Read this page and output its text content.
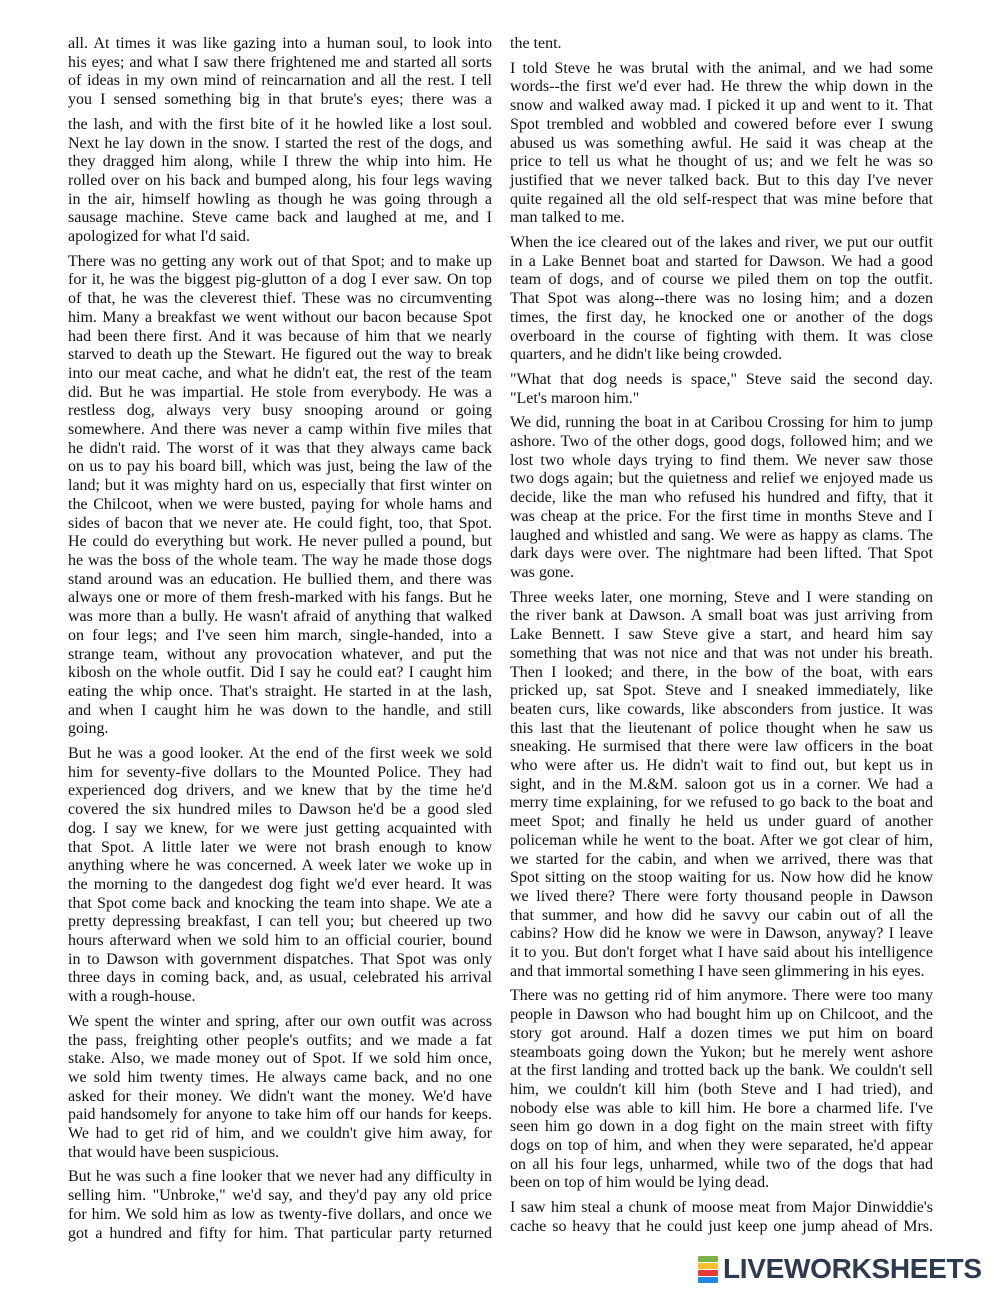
all. At times it was like gazing into a human soul, to look into
his eyes; and what I saw there frightened me and started all sorts
of ideas in my own mind of reincarnation and all the rest. I tell
you I sensed something big in that brute's eyes; there was a
the lash, and with the first bite of it he howled like a lost soul.
Next he lay down in the snow. I started the rest of the dogs, and
they dragged him along, while I threw the whip into him. He
rolled over on his back and bumped along, his four legs waving
in the air, himself howling as though he was going through a
sausage machine. Steve came back and laughed at me, and I
apologized for what I'd said.
There was no getting any work out of that Spot; and to make up
for it, he was the biggest pig-glutton of a dog I ever saw. On top
of that, he was the cleverest thief. These was no circumventing
him. Many a breakfast we went without our bacon because Spot
had been there first. And it was because of him that we nearly
starved to death up the Stewart. He figured out the way to break
into our meat cache, and what he didn't eat, the rest of the team
did. But he was impartial. He stole from everybody. He was a
restless dog, always very busy snooping around or going
somewhere. And there was never a camp within five miles that
he didn't raid. The worst of it was that they always came back
on us to pay his board bill, which was just, being the law of the
land; but it was mighty hard on us, especially that first winter on
the Chilcoot, when we were busted, paying for whole hams and
sides of bacon that we never ate. He could fight, too, that Spot.
He could do everything but work. He never pulled a pound, but
he was the boss of the whole team. The way he made those dogs
stand around was an education. He bullied them, and there was
always one or more of them fresh-marked with his fangs. But he
was more than a bully. He wasn't afraid of anything that walked
on four legs; and I've seen him march, single-handed, into a
strange team, without any provocation whatever, and put the
kibosh on the whole outfit. Did I say he could eat? I caught him
eating the whip once. That's straight. He started in at the lash,
and when I caught him he was down to the handle, and still
going.
But he was a good looker. At the end of the first week we sold
him for seventy-five dollars to the Mounted Police. They had
experienced dog drivers, and we knew that by the time he'd
covered the six hundred miles to Dawson he'd be a good sled
dog. I say we knew, for we were just getting acquainted with
that Spot. A little later we were not brash enough to know
anything where he was concerned. A week later we woke up in
the morning to the dangedest dog fight we'd ever heard. It was
that Spot come back and knocking the team into shape. We ate a
pretty depressing breakfast, I can tell you; but cheered up two
hours afterward when we sold him to an official courier, bound
in to Dawson with government dispatches. That Spot was only
three days in coming back, and, as usual, celebrated his arrival
with a rough-house.
We spent the winter and spring, after our own outfit was across
the pass, freighting other people's outfits; and we made a fat
stake. Also, we made money out of Spot. If we sold him once,
we sold him twenty times. He always came back, and no one
asked for their money. We didn't want the money. We'd have
paid handsomely for anyone to take him off our hands for keeps.
We had to get rid of him, and we couldn't give him away, for
that would have been suspicious.
But he was such a fine looker that we never had any difficulty in
selling him. "Unbroke," we'd say, and they'd pay any old price
for him. We sold him as low as twenty-five dollars, and once we
got a hundred and fifty for him. That particular party returned
the tent.
I told Steve he was brutal with the animal, and we had some
words--the first we'd ever had. He threw the whip down in the
snow and walked away mad. I picked it up and went to it. That
Spot trembled and wobbled and cowered before ever I swung
abused us was something awful. He said it was cheap at the
price to tell us what he thought of us; and we felt he was so
justified that we never talked back. But to this day I've never
quite regained all the old self-respect that was mine before that
man talked to me.
When the ice cleared out of the lakes and river, we put our outfit
in a Lake Bennet boat and started for Dawson. We had a good
team of dogs, and of course we piled them on top the outfit.
That Spot was along--there was no losing him; and a dozen
times, the first day, he knocked one or another of the dogs
overboard in the course of fighting with them. It was close
quarters, and he didn't like being crowded.
"What that dog needs is space," Steve said the second day.
"Let's maroon him."
We did, running the boat in at Caribou Crossing for him to jump
ashore. Two of the other dogs, good dogs, followed him; and we
lost two whole days trying to find them. We never saw those
two dogs again; but the quietness and relief we enjoyed made us
decide, like the man who refused his hundred and fifty, that it
was cheap at the price. For the first time in months Steve and I
laughed and whistled and sang. We were as happy as clams. The
dark days were over. The nightmare had been lifted. That Spot
was gone.
Three weeks later, one morning, Steve and I were standing on
the river bank at Dawson. A small boat was just arriving from
Lake Bennett. I saw Steve give a start, and heard him say
something that was not nice and that was not under his breath.
Then I looked; and there, in the bow of the boat, with ears
pricked up, sat Spot. Steve and I sneaked immediately, like
beaten curs, like cowards, like absconders from justice. It was
this last that the lieutenant of police thought when he saw us
sneaking. He surmised that there were law officers in the boat
who were after us. He didn't wait to find out, but kept us in
sight, and in the M.&M. saloon got us in a corner. We had a
merry time explaining, for we refused to go back to the boat and
meet Spot; and finally he held us under guard of another
policeman while he went to the boat. After we got clear of him,
we started for the cabin, and when we arrived, there was that
Spot sitting on the stoop waiting for us. Now how did he know
we lived there? There were forty thousand people in Dawson
that summer, and how did he savvy our cabin out of all the
cabins? How did he know we were in Dawson, anyway? I leave
it to you. But don't forget what I have said about his intelligence
and that immortal something I have seen glimmering in his eyes.
There was no getting rid of him anymore. There were too many
people in Dawson who had bought him up on Chilcoot, and the
story got around. Half a dozen times we put him on board
steamboats going down the Yukon; but he merely went ashore
at the first landing and trotted back up the bank. We couldn't sell
him, we couldn't kill him (both Steve and I had tried), and
nobody else was able to kill him. He bore a charmed life. I've
seen him go down in a dog fight on the main street with fifty
dogs on top of him, and when they were separated, he'd appear
on all his four legs, unharmed, while two of the dogs that had
been on top of him would be lying dead.
I saw him steal a chunk of moose meat from Major Dinwiddie's
cache so heavy that he could just keep one jump ahead of Mrs.
LIVEWORKSHEETS
